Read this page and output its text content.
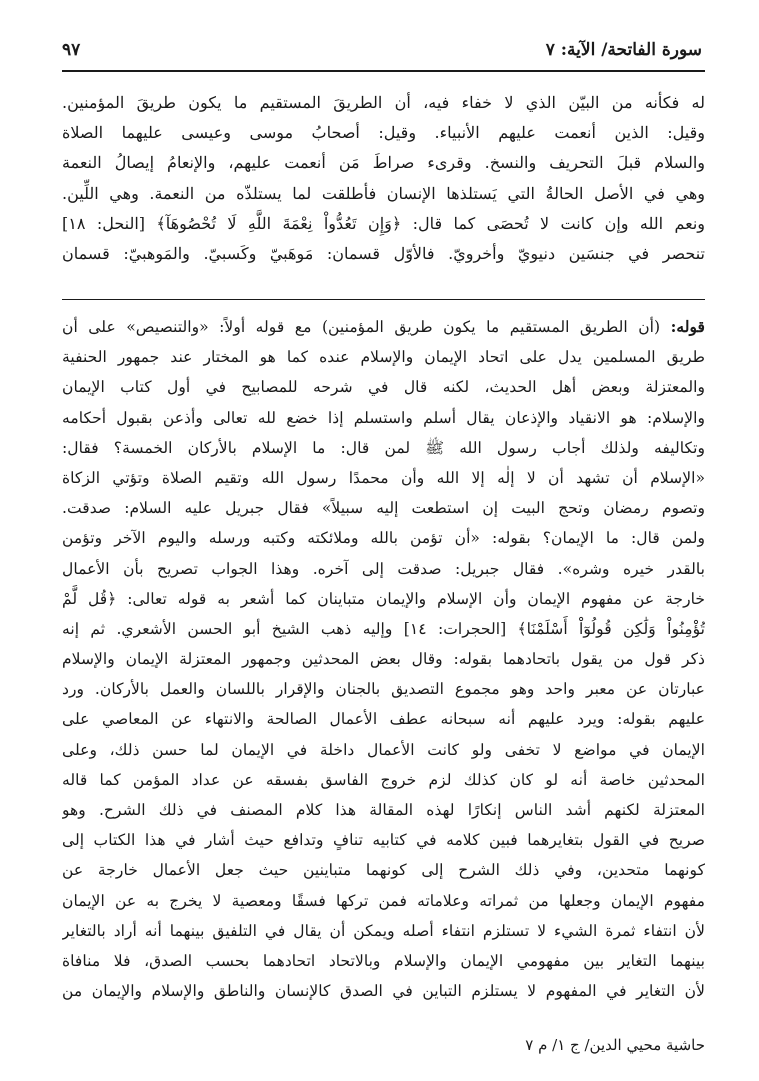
سورة الفاتحة/ الآية: ٧
٩٧
له فكأنه من البيّن الذي لا خفاء فيه، أن الطريقَ المستقيم ما يكون طريقَ المؤمنين.
وقيل: الذين أنعمت عليهم الأنبياء. وقيل: أصحابُ موسى وعيسى عليهما الصلاة
والسلام قبلَ التحريف والنسخ. وقرىء صراطَ مَن أنعمت عليهم، والإنعامُ إيصالُ النعمة
وهي في الأصل الحالةُ التي يَستلذها الإنسان فأطلقت لما يستلذّه من النعمة. وهي اللِّين.
ونعم الله وإن كانت لا تُحصَى كما قال: ﴿وَإِن تَعُدُّواْ نِعْمَةَ اللَّهِ لَا تُحْصُوهَآ﴾ [النحل: ١٨]
تنحصر في جنسَين دنيويّ وأخرويّ. فالأوّل قسمان: مَوهَبيّ وكَسبيّ. والمَوهبيّ: قسمان
قوله: (أن الطريق المستقيم ما يكون طريق المؤمنين) مع قوله أولاً: «والتنصيص» على أن
طريق المسلمين يدل على اتحاد الإيمان والإسلام عنده كما هو المختار عند جمهور الحنفية
والمعتزلة وبعض أهل الحديث، لكنه قال في شرحه للمصابيح في أول كتاب الإيمان
والإسلام: هو الانقياد والإذعان يقال أسلم واستسلم إذا خضع لله تعالى وأذعن بقبول أحكامه
وتكاليفه ولذلك أجاب رسول الله ﷺ لمن قال: ما الإسلام بالأركان الخمسة؟ فقال:
«الإسلام أن تشهد أن لا إلٰه إلا الله وأن محمدًا رسول الله وتقيم الصلاة وتؤتي الزكاة
وتصوم رمضان وتحج البيت إن استطعت إليه سبيلاً» فقال جبريل عليه السلام: صدقت.
ولمن قال: ما الإيمان؟ بقوله: «أن تؤمن بالله وملائكته وكتبه ورسله واليوم الآخر وتؤمن
بالقدر خيره وشره». فقال جبريل: صدقت إلى آخره. وهذا الجواب تصريح بأن الأعمال
خارجة عن مفهوم الإيمان وأن الإسلام والإيمان متباينان كما أشعر به قوله تعالى: ﴿قُل لَّمْ
تُؤْمِنُواْ وَلَٰكِن قُولُوٓاْ أَسْلَمْنَا﴾ [الحجرات: ١٤] وإليه ذهب الشيخ أبو الحسن الأشعري. ثم إنه
ذكر قول من يقول باتحادهما بقوله: وقال بعض المحدثين وجمهور المعتزلة الإيمان والإسلام
عبارتان عن معبر واحد وهو مجموع التصديق بالجنان والإقرار باللسان والعمل بالأركان. ورد
عليهم بقوله: ويرد عليهم أنه سبحانه عطف الأعمال الصالحة والانتهاء عن المعاصي على
الإيمان في مواضع لا تخفى ولو كانت الأعمال داخلة في الإيمان لما حسن ذلك، وعلى
المحدثين خاصة أنه لو كان كذلك لزم خروج الفاسق بفسقه عن عداد المؤمن كما قاله
المعتزلة لكنهم أشد الناس إنكارًا لهذه المقالة هذا كلام المصنف في ذلك الشرح. وهو
صريح في القول بتغايرهما فبين كلامه في كتابيه تنافٍ وتدافع حيث أشار في هذا الكتاب إلى
كونهما متحدين، وفي ذلك الشرح إلى كونهما متباينين حيث جعل الأعمال خارجة عن
مفهوم الإيمان وجعلها من ثمراته وعلاماته فمن تركها فسقًا ومعصية لا يخرج به عن الإيمان
لأن انتفاء ثمرة الشيء لا تستلزم انتفاء أصله ويمكن أن يقال في التلفيق بينهما أنه أراد بالتغاير
بينهما التغاير بين مفهومي الإيمان والإسلام وبالاتحاد اتحادهما بحسب الصدق، فلا منافاة
لأن التغاير في المفهوم لا يستلزم التباين في الصدق كالإنسان والناطق والإسلام والإيمان من
حاشية محيي الدين/ ج ١/ م ٧
